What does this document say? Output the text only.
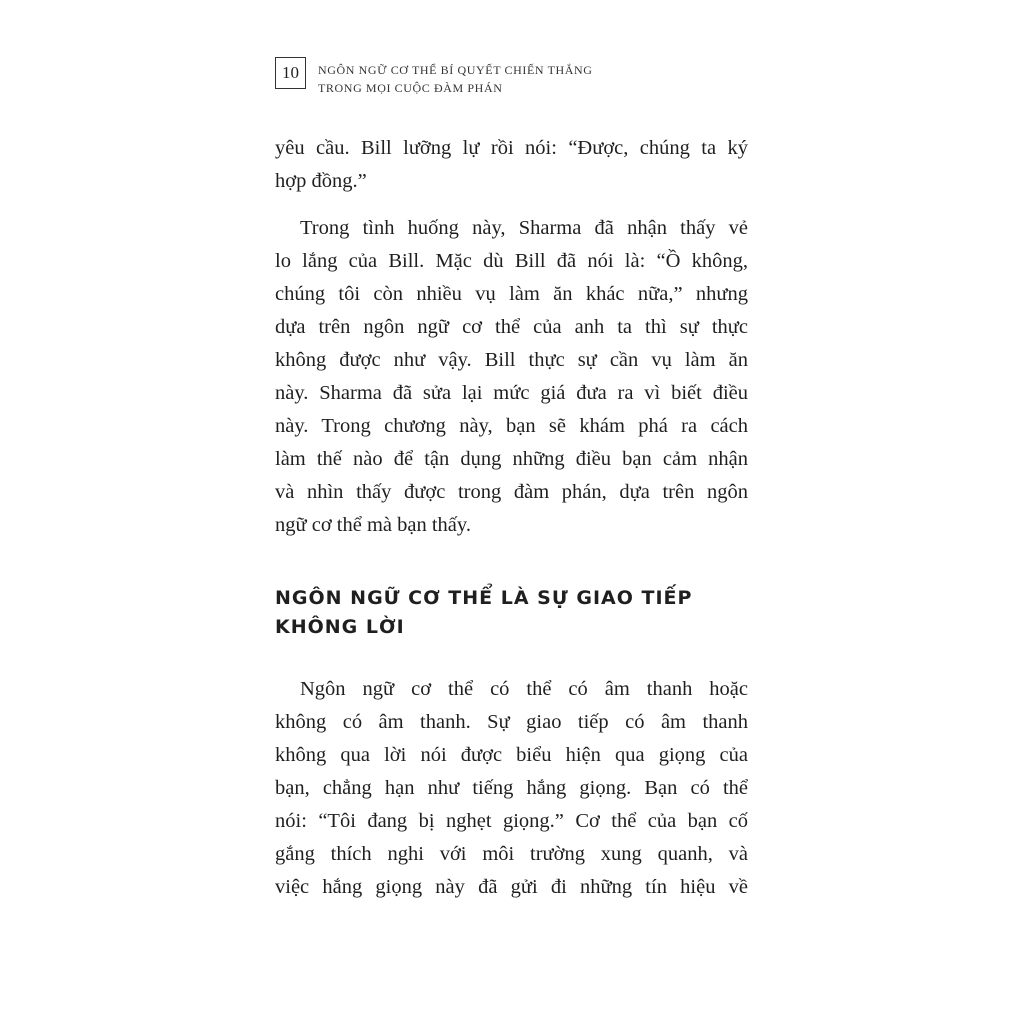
10	NGÔN NGỮ CƠ THỂ BÍ QUYẾT CHIẾN THẮNG
TRONG MỌI CUỘC ĐÀM PHÁN
yêu cầu. Bill lưỡng lự rồi nói: “Được, chúng ta ký
hợp đồng.”
Trong tình huống này, Sharma đã nhận thấy vẻ
lo lắng của Bill. Mặc dù Bill đã nói là: “Ồ không,
chúng tôi còn nhiều vụ làm ăn khác nữa,” nhưng
dựa trên ngôn ngữ cơ thể của anh ta thì sự thực
không được như vậy. Bill thực sự cần vụ làm ăn
này. Sharma đã sửa lại mức giá đưa ra vì biết điều
này. Trong chương này, bạn sẽ khám phá ra cách
làm thế nào để tận dụng những điều bạn cảm nhận
và nhìn thấy được trong đàm phán, dựa trên ngôn
ngữ cơ thể mà bạn thấy.
NGÔN NGỮ CƠ THỂ LÀ SỰ GIAO TIẾP
KHÔNG LỜI
Ngôn ngữ cơ thể có thể có âm thanh hoặc
không có âm thanh. Sự giao tiếp có âm thanh
không qua lời nói được biểu hiện qua giọng của
bạn, chẳng hạn như tiếng hắng giọng. Bạn có thể
nói: “Tôi đang bị nghẹt giọng.” Cơ thể của bạn cố
gắng thích nghi với môi trường xung quanh, và
việc hắng giọng này đã gửi đi những tín hiệu về
